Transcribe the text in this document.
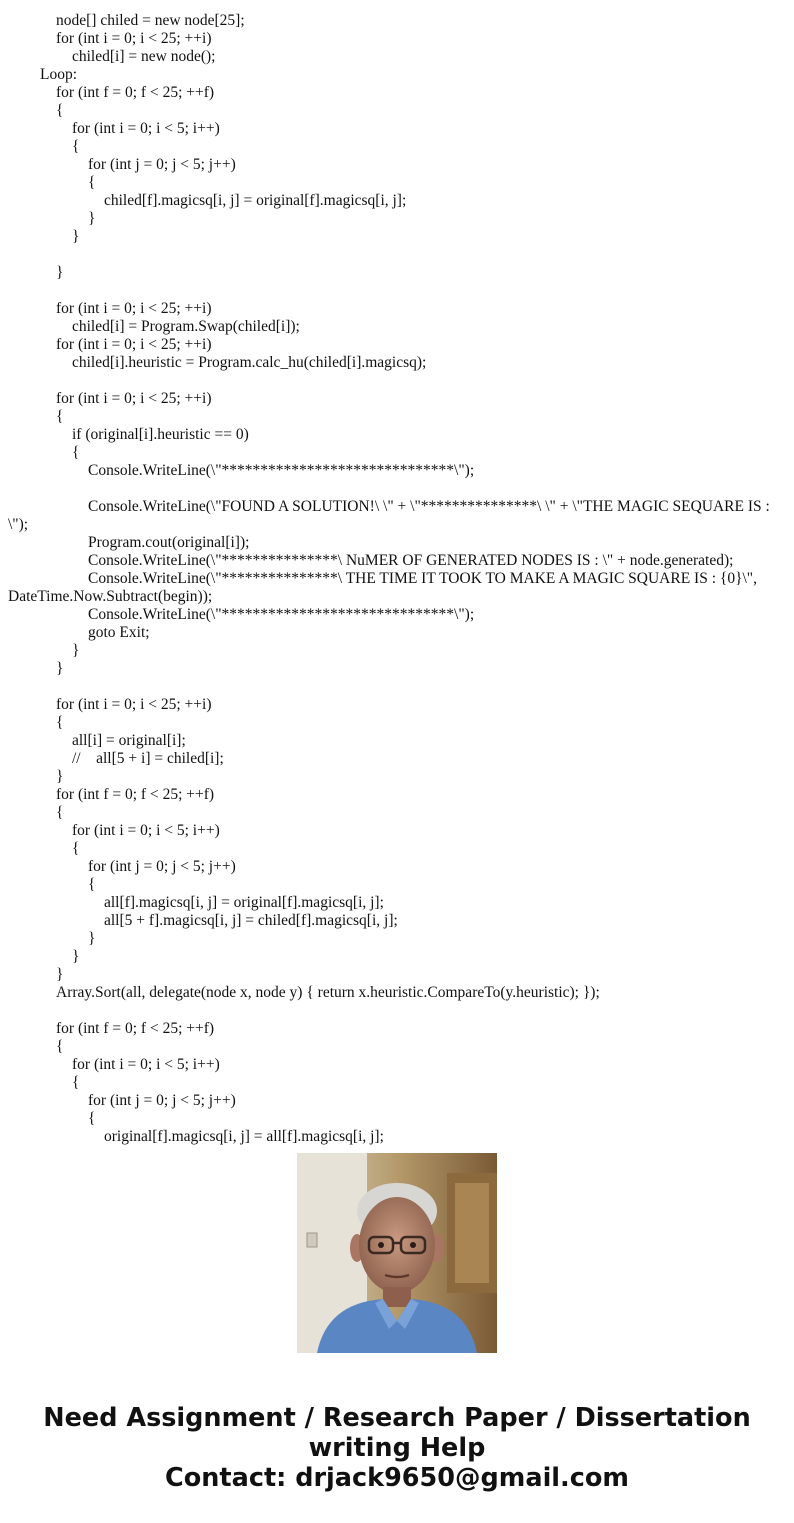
node[] chiled = new node[25];
for (int i = 0; i < 25; ++i)
chiled[i] = new node();
Loop:
for (int f = 0; f < 25; ++f)
{
for (int i = 0; i < 5; i++)
{
for (int j = 0; j < 5; j++)
{
chiled[f].magicsq[i, j] = original[f].magicsq[i, j];
}
}
}
for (int i = 0; i < 25; ++i)
chiled[i] = Program.Swap(chiled[i]);
for (int i = 0; i < 25; ++i)
chiled[i].heuristic = Program.calc_hu(chiled[i].magicsq);
for (int i = 0; i < 25; ++i)
{
if (original[i].heuristic == 0)
{
Console.WriteLine(\"******************************\");
Console.WriteLine(\"FOUND A SOLUTION!\ \" + \"***************\ \" + \"THE MAGIC SEQUARE IS : \");
Program.cout(original[i]);
Console.WriteLine(\"***************\ NuMER OF GENERATED NODES IS : \" + node.generated);
Console.WriteLine(\"***************\ THE TIME IT TOOK TO MAKE A MAGIC SQUARE IS : {0}\", DateTime.Now.Subtract(begin));
Console.WriteLine(\"******************************\");
goto Exit;
}
}
for (int i = 0; i < 25; ++i)
{
all[i] = original[i];
//    all[5 + i] = chiled[i];
}
for (int f = 0; f < 25; ++f)
{
for (int i = 0; i < 5; i++)
{
for (int j = 0; j < 5; j++)
{
all[f].magicsq[i, j] = original[f].magicsq[i, j];
all[5 + f].magicsq[i, j] = chiled[f].magicsq[i, j];
}
}
}
Array.Sort(all, delegate(node x, node y) { return x.heuristic.CompareTo(y.heuristic); });
for (int f = 0; f < 25; ++f)
{
for (int i = 0; i < 5; i++)
{
for (int j = 0; j < 5; j++)
{
original[f].magicsq[i, j] = all[f].magicsq[i, j];
Need Assignment / Research Paper / Dissertation
writing Help
Contact: drjack9650@gmail.com
